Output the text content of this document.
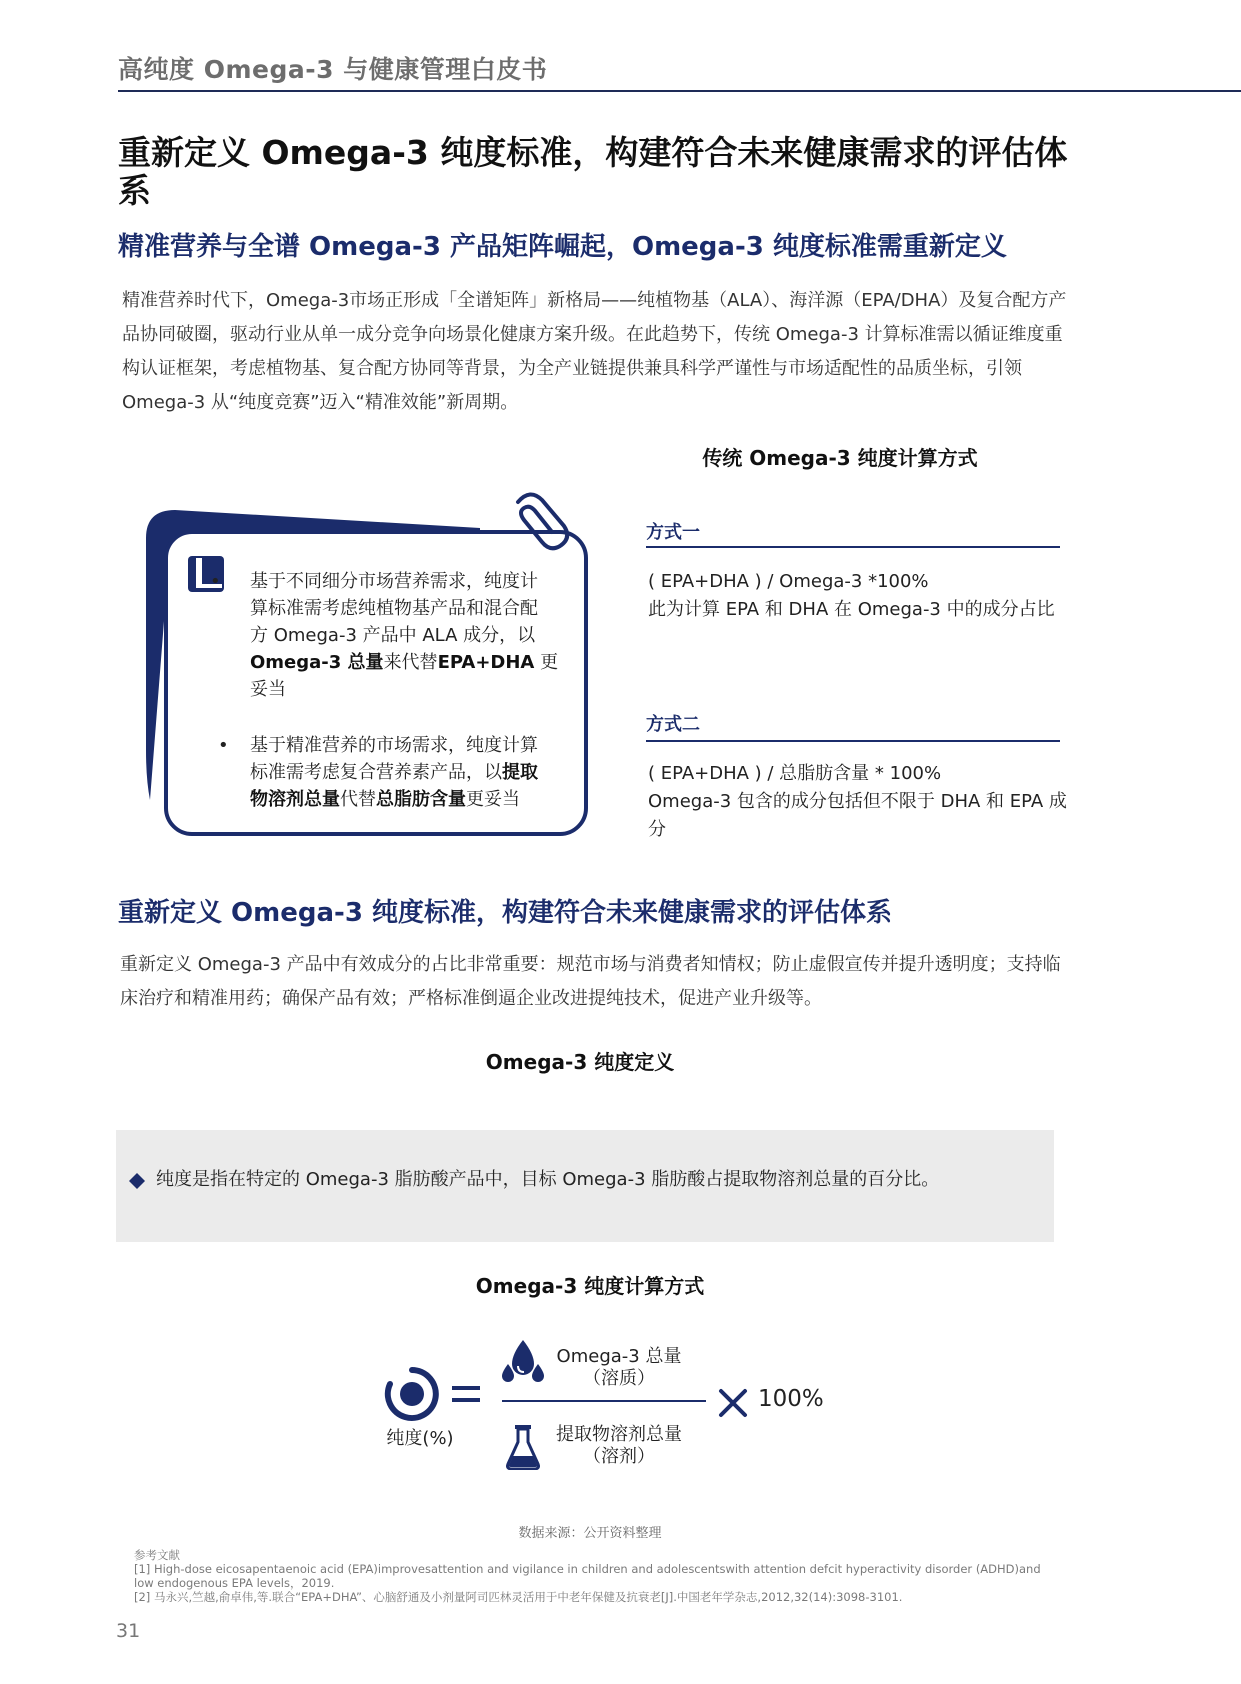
高纯度 Omega-3 与健康管理白皮书
重新定义 Omega-3 纯度标准，构建符合未来健康需求的评估体系
精准营养与全谱 Omega-3 产品矩阵崛起，Omega-3 纯度标准需重新定义
精准营养时代下，Omega-3市场正形成「全谱矩阵」新格局——纯植物基（ALA）、海洋源（EPA/DHA）及复合配方产品协同破圈，驱动行业从单一成分竞争向场景化健康方案升级。在此趋势下，传统 Omega-3 计算标准需以循证维度重构认证框架，考虑植物基、复合配方协同等背景，为全产业链提供兼具科学严谨性与市场适配性的品质坐标，引领 Omega-3 从“纯度竞赛”迈入“精准效能”新周期。
传统 Omega-3 纯度计算方式
•	基于不同细分市场营养需求，纯度计
算标准需考虑纯植物基产品和混合配
方 Omega-3 产品中 ALA 成分，以
Omega-3 总量来代替EPA+DHA 更
妥当
•	基于精准营养的市场需求，纯度计算
标准需考虑复合营养素产品，以提取
物溶剂总量代替总脂肪含量更妥当
方式一
( EPA+DHA ) / Omega-3 *100%
此为计算 EPA 和 DHA 在 Omega-3 中的成分占比
方式二
( EPA+DHA ) / 总脂肪含量 * 100%
Omega-3 包含的成分包括但不限于 DHA 和 EPA 成分
重新定义 Omega-3 纯度标准，构建符合未来健康需求的评估体系
重新定义 Omega-3 产品中有效成分的占比非常重要：规范市场与消费者知情权；防止虚假宣传并提升透明度；支持临床治疗和精准用药；确保产品有效；严格标准倒逼企业改进提纯技术，促进产业升级等。
Omega-3 纯度定义
纯度是指在特定的 Omega-3 脂肪酸产品中，目标 Omega-3 脂肪酸占提取物溶剂总量的百分比。
Omega-3 纯度计算方式
纯度(%)
Omega-3 总量
（溶质）
提取物溶剂总量
（溶剂）
100%
数据来源：公开资料整理
参考文献
[1] High-dose eicosapentaenoic acid (EPA)improvesattention and vigilance in children and adolescentswith attention defcit hyperactivity disorder (ADHD)and
low endogenous EPA levels，2019.
[2] 马永兴,竺越,俞卓伟,等.联合“EPA+DHA”、心脑舒通及小剂量阿司匹林灵活用于中老年保健及抗衰老[J].中国老年学杂志,2012,32(14):3098-3101.
31
